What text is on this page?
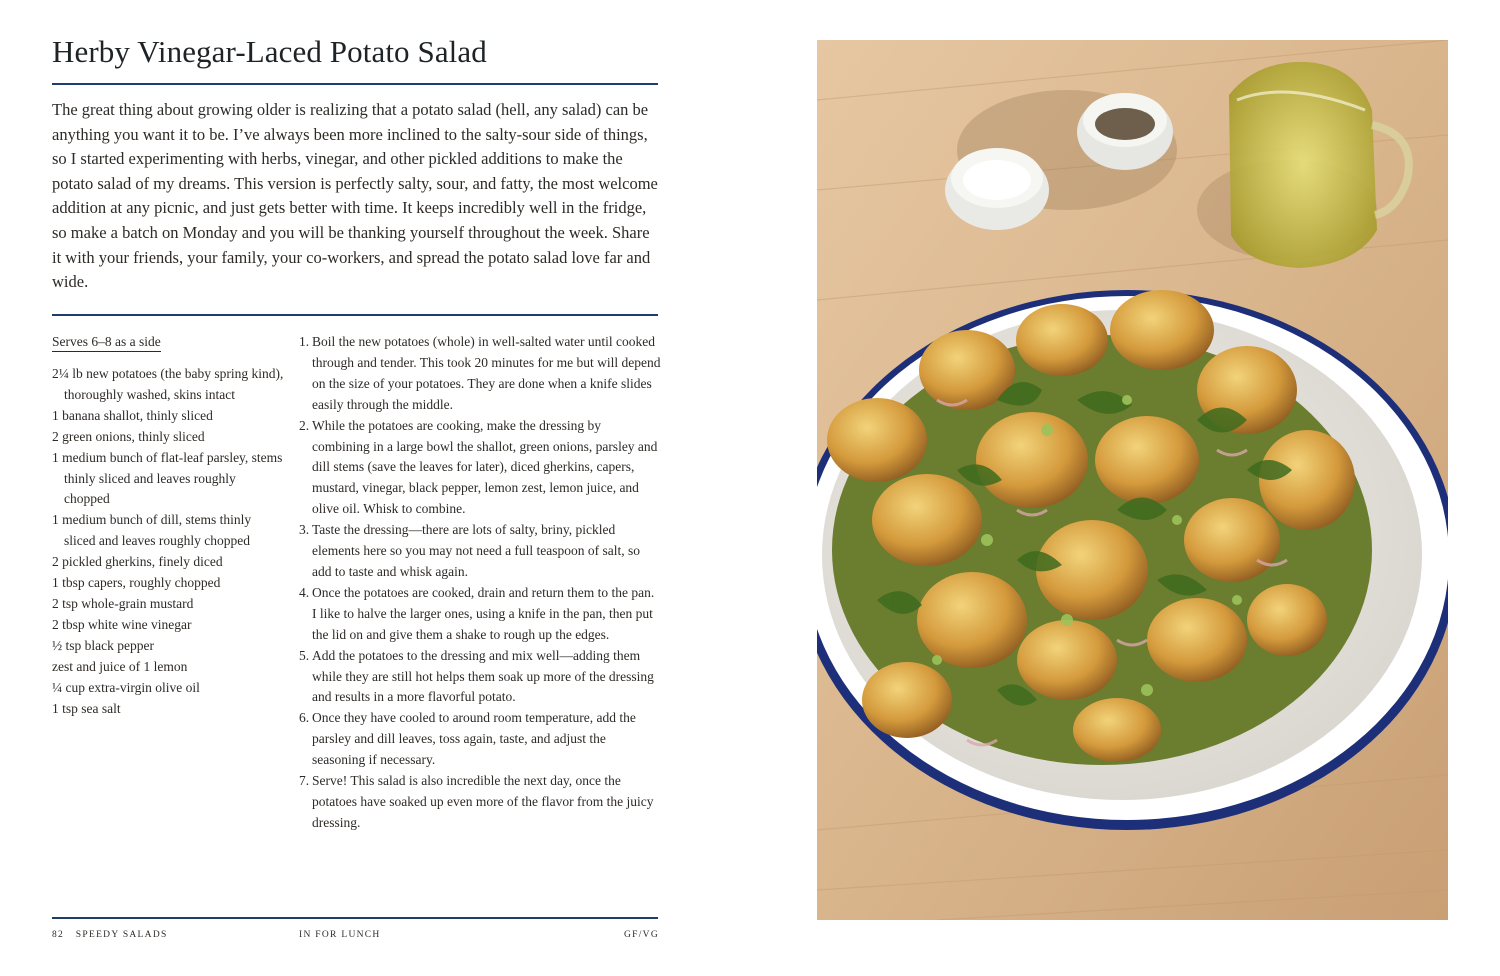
Herby Vinegar-Laced Potato Salad

The great thing about growing older is realizing that a potato salad (hell, any salad) can be anything you want it to be. I’ve always been more inclined to the salty-sour side of things, so I started experimenting with herbs, vinegar, and other pickled additions to make the potato salad of my dreams. This version is perfectly salty, sour, and fatty, the most welcome addition at any picnic, and just gets better with time. It keeps incredibly well in the fridge, so make a batch on Monday and you will be thanking yourself throughout the week. Share it with your friends, your family, your co-workers, and spread the potato salad love far and wide.

Serves 6–8 as a side

2¼ lb new potatoes (the baby spring kind), thoroughly washed, skins intact
1 banana shallot, thinly sliced
2 green onions, thinly sliced
1 medium bunch of flat-leaf parsley, stems thinly sliced and leaves roughly chopped
1 medium bunch of dill, stems thinly sliced and leaves roughly chopped
2 pickled gherkins, finely diced
1 tbsp capers, roughly chopped
2 tsp whole-grain mustard
2 tbsp white wine vinegar
½ tsp black pepper
zest and juice of 1 lemon
¼ cup extra-virgin olive oil
1 tsp sea salt
1. Boil the new potatoes (whole) in well-salted water until cooked through and tender. This took 20 minutes for me but will depend on the size of your potatoes. They are done when a knife slides easily through the middle.
2. While the potatoes are cooking, make the dressing by combining in a large bowl the shallot, green onions, parsley and dill stems (save the leaves for later), diced gherkins, capers, mustard, vinegar, black pepper, lemon zest, lemon juice, and olive oil. Whisk to combine.
3. Taste the dressing—there are lots of salty, briny, pickled elements here so you may not need a full teaspoon of salt, so add to taste and whisk again.
4. Once the potatoes are cooked, drain and return them to the pan. I like to halve the larger ones, using a knife in the pan, then put the lid on and give them a shake to rough up the edges.
5. Add the potatoes to the dressing and mix well—adding them while they are still hot helps them soak up more of the dressing and results in a more flavorful potato.
6. Once they have cooled to around room temperature, add the parsley and dill leaves, toss again, taste, and adjust the seasoning if necessary.
7. Serve! This salad is also incredible the next day, once the potatoes have soaked up even more of the flavor from the juicy dressing.
82 SPEEDY SALADS	IN FOR LUNCH	GF/VG
